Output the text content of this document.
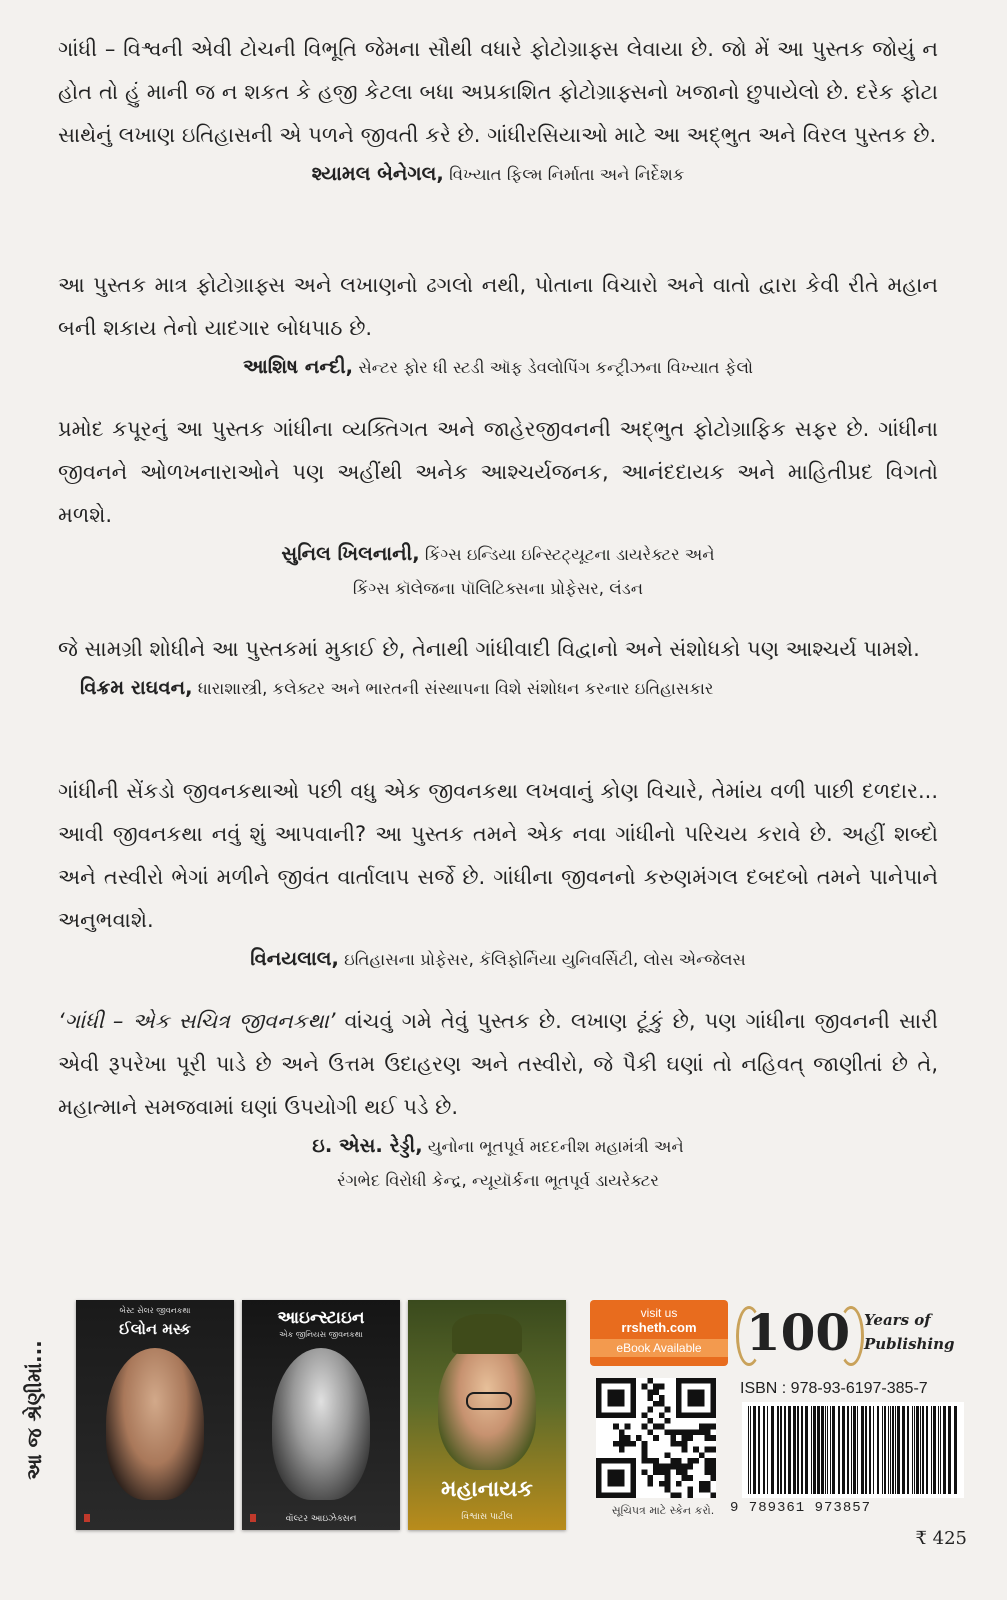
ગાંધી – વિશ્વની એવી ટોચની વિભૂતિ જેમના સૌથી વધારે ફોટોગ્રાફ્સ લેવાયા છે. જો મેં આ પુસ્તક જોયું ન હોત તો હું માની જ ન શકત કે હજી કેટલા બધા અપ્રકાશિત ફોટોગ્રાફ્સનો ખજાનો છુપાયેલો છે. દરેક ફોટા સાથેનું લખાણ ઇતિહાસની એ પળને જીવતી કરે છે. ગાંધીરસિયાઓ માટે આ અદ્ભુત અને વિરલ પુસ્તક છે.

શ્યામલ બેનેગલ, વિખ્યાત ફિલ્મ નિર્માતા અને નિર્દેશક

આ પુસ્તક માત્ર ફોટોગ્રાફ્સ અને લખાણનો ઢગલો નથી, પોતાના વિચારો અને વાતો દ્વારા કેવી રીતે મહાન બની શકાય તેનો યાદગાર બોધપાઠ છે.

આશિષ નન્દી, સેન્ટર ફોર ધી સ્ટડી ઑફ ડેવલોપિંગ કન્ટ્રીઝના વિખ્યાત ફેલો

પ્રમોદ કપૂરનું આ પુસ્તક ગાંધીના વ્યક્તિગત અને જાહેરજીવનની અદ્ભુત ફોટોગ્રાફિક સફર છે. ગાંધીના જીવનને ઓળખનારાઓને પણ અહીંથી અનેક આશ્ચર્યજનક, આનંદદાયક અને માહિતીપ્રદ વિગતો મળશે.

સુનિલ ખિલનાની, કિંગ્સ ઇન્ડિયા ઇન્સ્ટિટ્યૂટના ડાયરેક્ટર અને

કિંગ્સ કૉલેજના પૉલિટિક્સના પ્રોફેસર, લંડન

જે સામગ્રી શોધીને આ પુસ્તકમાં મુકાઈ છે, તેનાથી ગાંધીવાદી વિદ્વાનો અને સંશોધકો પણ આશ્ચર્ય પામશે.

વિક્રમ રાઘવન, ધારાશાસ્ત્રી, કલેક્ટર અને ભારતની સંસ્થાપના વિશે સંશોધન કરનાર ઇતિહાસકાર

ગાંધીની સેંકડો જીવનકથાઓ પછી વધુ એક જીવનકથા લખવાનું કોણ વિચારે, તેમાંય વળી પાછી દળદાર... આવી જીવનકથા નવું શું આપવાની? આ પુસ્તક તમને એક નવા ગાંધીનો પરિચય કરાવે છે. અહીં શબ્દો અને તસ્વીરો ભેગાં મળીને જીવંત વાર્તાલાપ સર્જે છે. ગાંધીના જીવનનો કરુણમંગલ દબદબો તમને પાનેપાને અનુભવાશે.

વિનયલાલ, ઇતિહાસના પ્રોફેસર, કૅલિફોર્નિયા યુનિવર્સિટી, લોસ એન્જેલસ

‘ગાંધી – એક સચિત્ર જીવનકથા’ વાંચવું ગમે તેવું પુસ્તક છે. લખાણ ટૂંકું છે, પણ ગાંધીના જીવનની સારી એવી રૂપરેખા પૂરી પાડે છે અને ઉત્તમ ઉદાહરણ અને તસ્વીરો, જે પૈકી ઘણાં તો નહિવત્ જાણીતાં છે તે, મહાત્માને સમજવામાં ઘણાં ઉપયોગી થઈ પડે છે.

ઇ. એસ. રેડ્ડી, યુનોના ભૂતપૂર્વ મદદનીશ મહામંત્રી અને

રંગભેદ વિરોધી કેન્દ્ર, ન્યૂયૉર્કના ભૂતપૂર્વ ડાયરેક્ટર

આ જ શ્રેણીમાં...
બેસ્ટ સેલર જીવનકથા
ઈલોન મસ્ક
આઇન્સ્ટાઇન
એક જીનિયસ જીવનકથા
વૉલ્ટર આઇઝેક્સન
મહાનાયક
વિશ્વાસ પાટીલ
visit us
rrsheth.com
eBook Available 100 Years of
Publishing
સૂચિપત્ર માટે સ્કેન કરો.
ISBN : 978-93-6197-385-7
9 789361 973857
₹ 425
